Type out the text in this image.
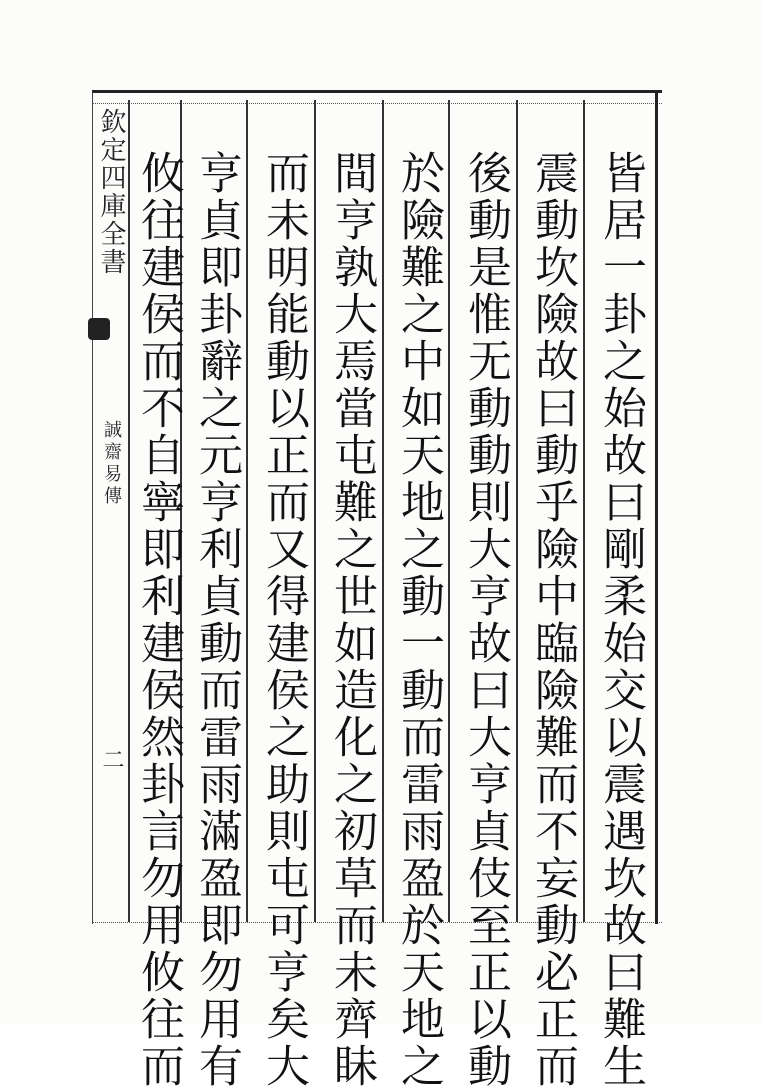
欽定四庫全書
誠齋易傳
二	皆居一卦之始故曰剛柔始交以震遇坎故曰難生
震動坎險故曰動乎險中臨險難而不妄動必正而
後動是惟无動動則大亨故曰大亨貞伎至正以動
於險難之中如天地之動一動而雷雨盈於天地之
間亨孰大焉當屯難之世如造化之初草而未齊眛
而未明能動以正而又得建侯之助則屯可亨矣大
亨貞即卦辭之元亨利貞動而雷雨滿盈即勿用有
攸往建侯而不自寧即利建侯然卦言勿用攸往而
